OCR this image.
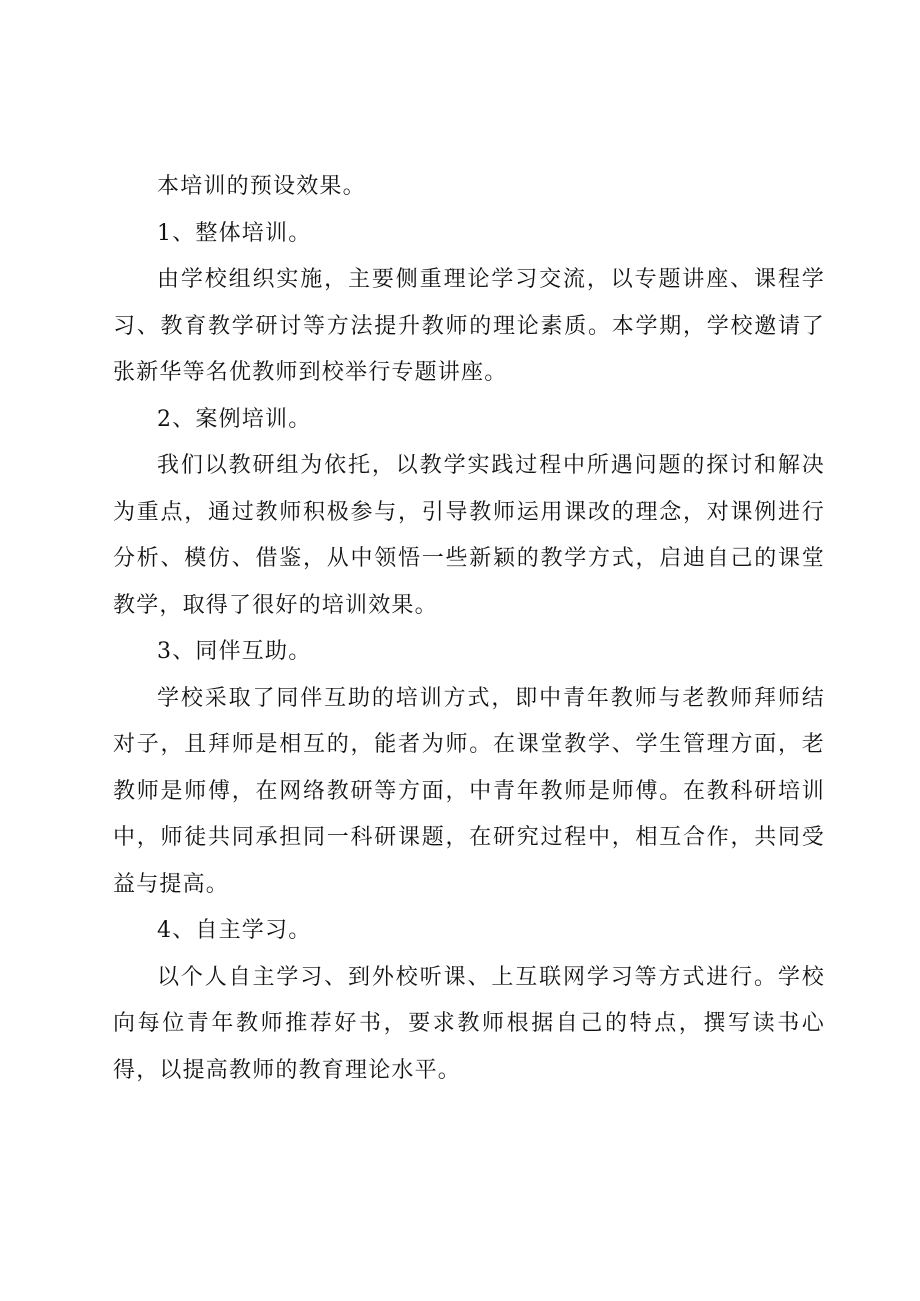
本培训的预设效果。

1、整体培训。

由学校组织实施，主要侧重理论学习交流，以专题讲座、课程学习、教育教学研讨等方法提升教师的理论素质。本学期，学校邀请了张新华等名优教师到校举行专题讲座。

2、案例培训。

我们以教研组为依托，以教学实践过程中所遇问题的探讨和解决为重点，通过教师积极参与，引导教师运用课改的理念，对课例进行分析、模仿、借鉴，从中领悟一些新颖的教学方式，启迪自己的课堂教学，取得了很好的培训效果。

3、同伴互助。

学校采取了同伴互助的培训方式，即中青年教师与老教师拜师结对子，且拜师是相互的，能者为师。在课堂教学、学生管理方面，老教师是师傅，在网络教研等方面，中青年教师是师傅。在教科研培训中，师徒共同承担同一科研课题，在研究过程中，相互合作，共同受益与提高。

4、自主学习。

以个人自主学习、到外校听课、上互联网学习等方式进行。学校向每位青年教师推荐好书，要求教师根据自己的特点，撰写读书心得，以提高教师的教育理论水平。
